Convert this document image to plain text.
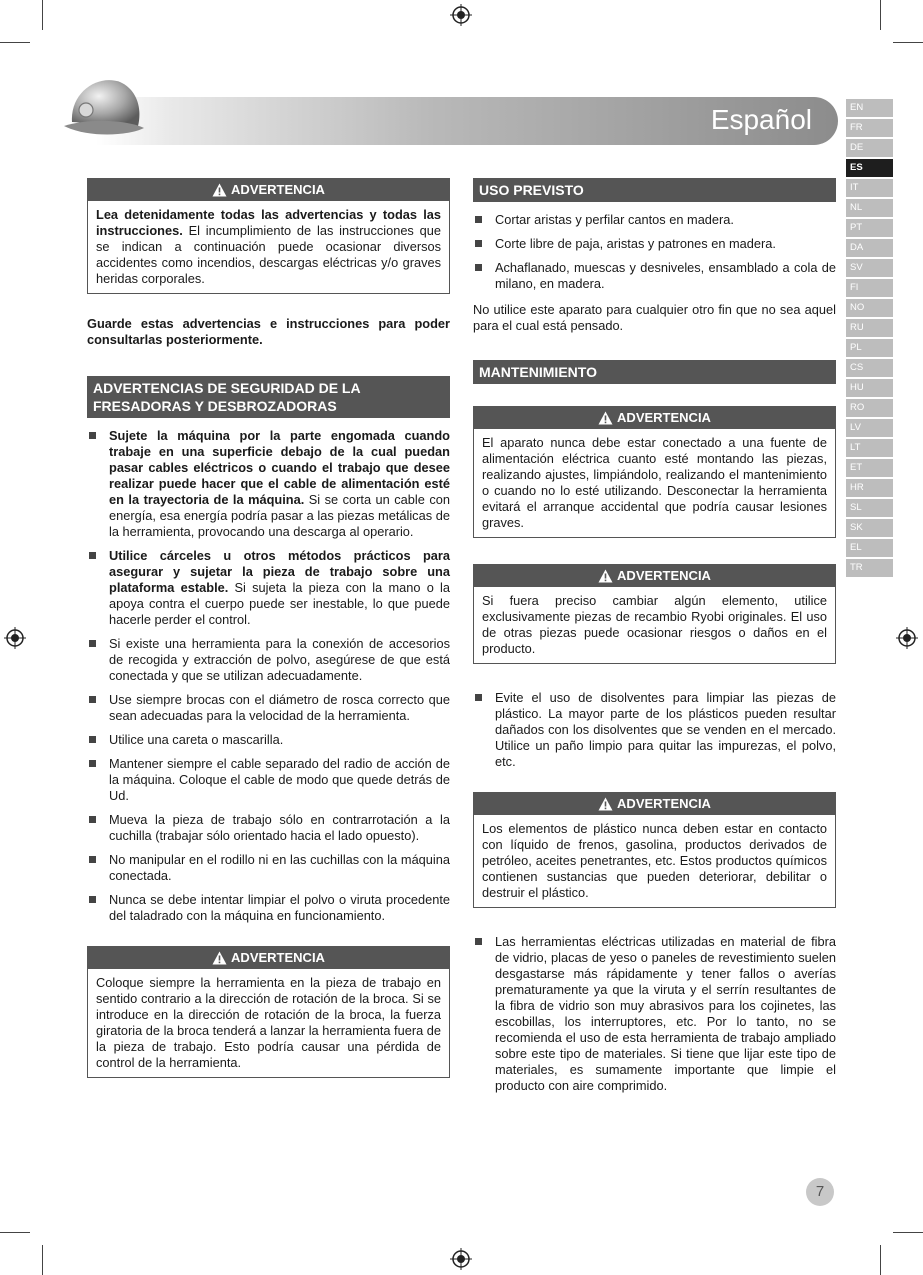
Español	EN
FR
DE
ES
IT
NL
PT
DA
SV
FI
NO
RU
PL
CS
HU
RO
LV
LT
ET
HR
SL
SK
EL
TR
ADVERTENCIA
Lea detenidamente todas las advertencias y todas las instrucciones. El incumplimiento de las instrucciones que se indican a continuación puede ocasionar diversos accidentes como incendios, descargas eléctricas y/o graves heridas corporales.

Guarde estas advertencias e instrucciones para poder consultarlas posteriormente.

ADVERTENCIAS DE SEGURIDAD DE LA FRESADORAS Y DESBROZADORAS
Sujete la máquina por la parte engomada cuando trabaje en una superficie debajo de la cual puedan pasar cables eléctricos o cuando el trabajo que desee realizar puede hacer que el cable de alimentación esté en la trayectoria de la máquina. Si se corta un cable con energía, esa energía podría pasar a las piezas metálicas de la herramienta, provocando una descarga al operario.
Utilice cárceles u otros métodos prácticos para asegurar y sujetar la pieza de trabajo sobre una plataforma estable. Si sujeta la pieza con la mano o la apoya contra el cuerpo puede ser inestable, lo que puede hacerle perder el control.
Si existe una herramienta para la conexión de accesorios de recogida y extracción de polvo, asegúrese de que está conectada y que se utilizan adecuadamente.
Use siempre brocas con el diámetro de rosca correcto que sean adecuadas para la velocidad de la herramienta.
Utilice una careta o mascarilla.
Mantener siempre el cable separado del radio de acción de la máquina. Coloque el cable de modo que quede detrás de Ud.
Mueva la pieza de trabajo sólo en contrarrotación a la cuchilla (trabajar sólo orientado hacia el lado opuesto).
No manipular en el rodillo ni en las cuchillas con la máquina conectada.
Nunca se debe intentar limpiar el polvo o viruta procedente del taladrado con la máquina en funcionamiento.
ADVERTENCIA
Coloque siempre la herramienta en la pieza de trabajo en sentido contrario a la dirección de rotación de la broca. Si se introduce en la dirección de rotación de la broca, la fuerza giratoria de la broca tenderá a lanzar la herramienta fuera de la pieza de trabajo. Esto podría causar una pérdida de control de la herramienta.
USO PREVISTO
Cortar aristas y perfilar cantos en madera.
Corte libre de paja, aristas y patrones en madera.
Achaflanado, muescas y desniveles, ensamblado a cola de milano, en madera.

No utilice este aparato para cualquier otro fin que no sea aquel para el cual está pensado.

MANTENIMIENTO
ADVERTENCIA
El aparato nunca debe estar conectado a una fuente de alimentación eléctrica cuanto esté montando las piezas, realizando ajustes, limpiándolo, realizando el mantenimiento o cuando no lo esté utilizando. Desconectar la herramienta evitará el arranque accidental que podría causar lesiones graves.
ADVERTENCIA
Si fuera preciso cambiar algún elemento, utilice exclusivamente piezas de recambio Ryobi originales. El uso de otras piezas puede ocasionar riesgos o daños en el producto.
Evite el uso de disolventes para limpiar las piezas de plástico. La mayor parte de los plásticos pueden resultar dañados con los disolventes que se venden en el mercado. Utilice un paño limpio para quitar las impurezas, el polvo, etc.
ADVERTENCIA
Los elementos de plástico nunca deben estar en contacto con líquido de frenos, gasolina, productos derivados de petróleo, aceites penetrantes, etc. Estos productos químicos contienen sustancias que pueden deteriorar, debilitar o destruir el plástico.
Las herramientas eléctricas utilizadas en material de fibra de vidrio, placas de yeso o paneles de revestimiento suelen desgastarse más rápidamente y tener fallos o averías prematuramente ya que la viruta y el serrín resultantes de la fibra de vidrio son muy abrasivos para los cojinetes, las escobillas, los interruptores, etc. Por lo tanto, no se recomienda el uso de esta herramienta de trabajo ampliado sobre este tipo de materiales. Si tiene que lijar este tipo de materiales, es sumamente importante que limpie el producto con aire comprimido.
7
